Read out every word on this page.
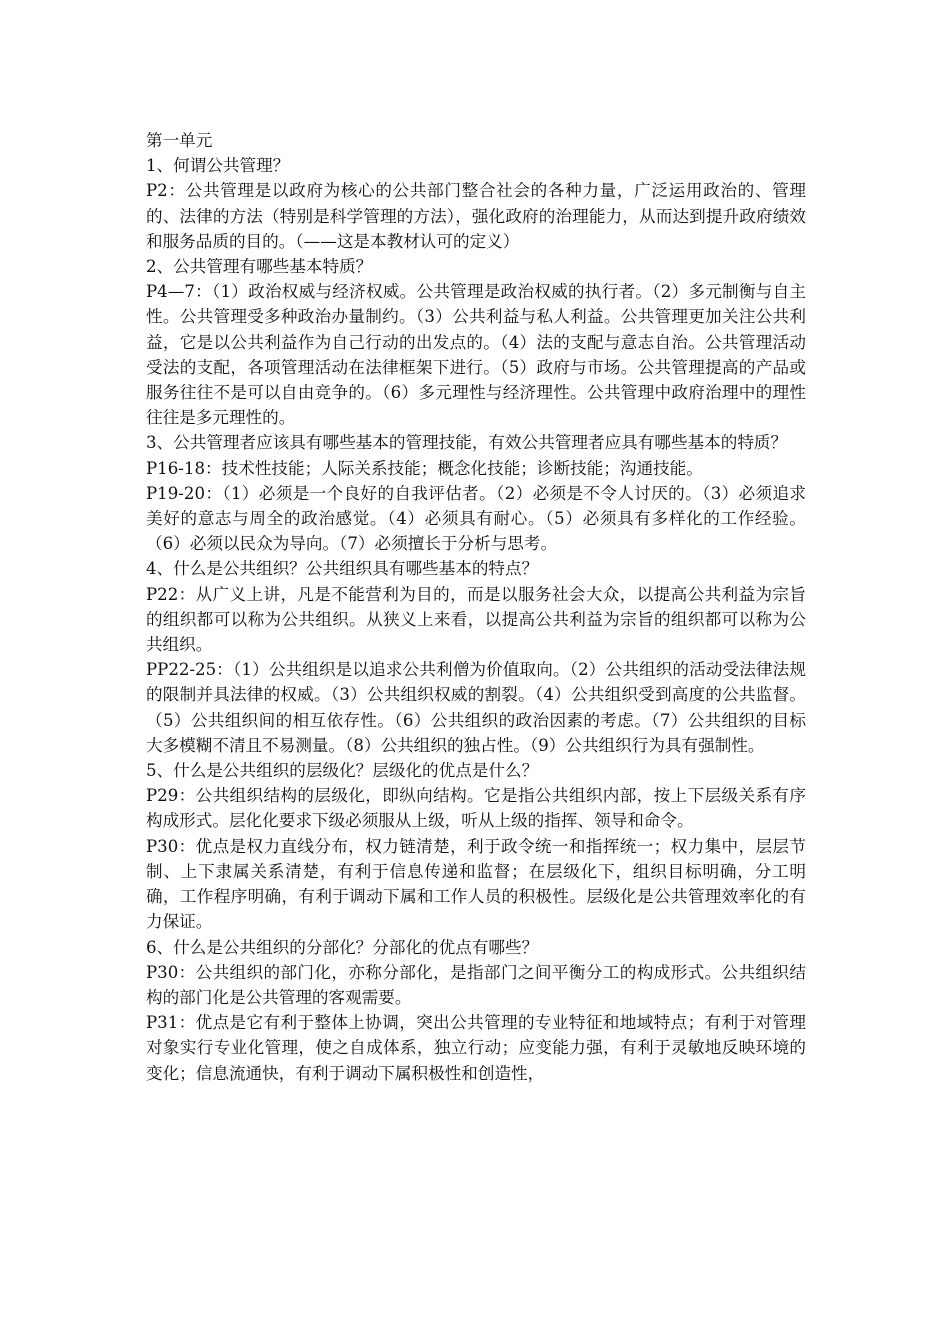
第一单元

1、何谓公共管理？

P2：公共管理是以政府为核心的公共部门整合社会的各种力量，广泛运用政治的、管理的、法律的方法（特别是科学管理的方法），强化政府的治理能力，从而达到提升政府绩效和服务品质的目的。（——这是本教材认可的定义）

2、公共管理有哪些基本特质？

P4—7：（1）政治权威与经济权威。公共管理是政治权威的执行者。（2）多元制衡与自主性。公共管理受多种政治办量制约。（3）公共利益与私人利益。公共管理更加关注公共利益，它是以公共利益作为自己行动的出发点的。（4）法的支配与意志自治。公共管理活动受法的支配，各项管理活动在法律框架下进行。（5）政府与市场。公共管理提高的产品或服务往往不是可以自由竞争的。（6）多元理性与经济理性。公共管理中政府治理中的理性往往是多元理性的。

3、公共管理者应该具有哪些基本的管理技能，有效公共管理者应具有哪些基本的特质？

P16-18：技术性技能；人际关系技能；概念化技能；诊断技能；沟通技能。

P19-20：（1）必须是一个良好的自我评估者。（2）必须是不令人讨厌的。（3）必须追求美好的意志与周全的政治感觉。（4）必须具有耐心。（5）必须具有多样化的工作经验。（6）必须以民众为导向。（7）必须擅长于分析与思考。

4、什么是公共组织？公共组织具有哪些基本的特点？

P22：从广义上讲，凡是不能营利为目的，而是以服务社会大众，以提高公共利益为宗旨的组织都可以称为公共组织。从狭义上来看，以提高公共利益为宗旨的组织都可以称为公共组织。

PP22-25：（1）公共组织是以追求公共利僧为价值取向。（2）公共组织的活动受法律法规的限制并具法律的权威。（3）公共组织权威的割裂。（4）公共组织受到高度的公共监督。（5）公共组织间的相互依存性。（6）公共组织的政治因素的考虑。（7）公共组织的目标大多模糊不清且不易测量。（8）公共组织的独占性。（9）公共组织行为具有强制性。

5、什么是公共组织的层级化？层级化的优点是什么？

P29：公共组织结构的层级化，即纵向结构。它是指公共组织内部，按上下层级关系有序构成形式。层化化要求下级必须服从上级，听从上级的指挥、领导和命令。

P30：优点是权力直线分布，权力链清楚，利于政令统一和指挥统一；权力集中，层层节制、上下隶属关系清楚，有利于信息传递和监督；在层级化下，组织目标明确，分工明确，工作程序明确，有利于调动下属和工作人员的积极性。层级化是公共管理效率化的有力保证。

6、什么是公共组织的分部化？分部化的优点有哪些？

P30：公共组织的部门化，亦称分部化，是指部门之间平衡分工的构成形式。公共组织结构的部门化是公共管理的客观需要。

P31：优点是它有利于整体上协调，突出公共管理的专业特征和地域特点；有利于对管理对象实行专业化管理，使之自成体系，独立行动；应变能力强，有利于灵敏地反映环境的变化；信息流通快，有利于调动下属积极性和创造性，
